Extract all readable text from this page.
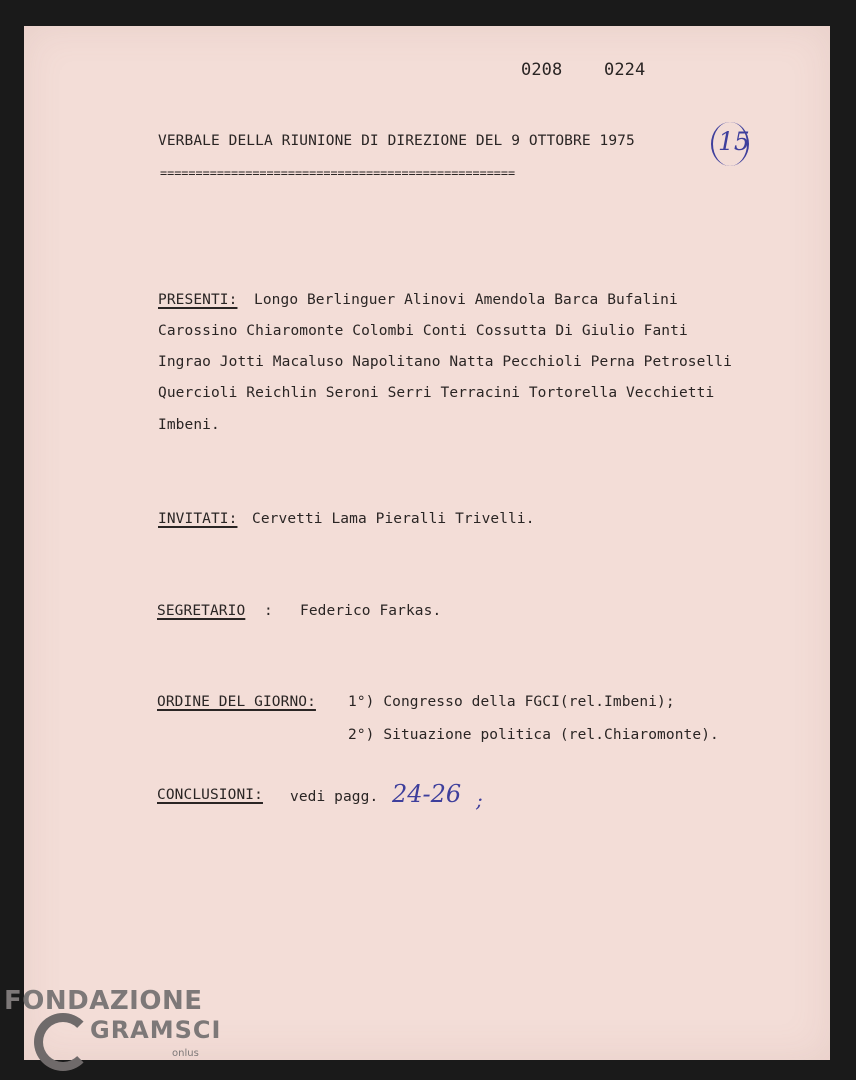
0208 0224
VERBALE DELLA RIUNIONE DI DIREZIONE DEL 9 OTTOBRE 1975
==================================================
15
PRESENTI: Longo Berlinguer Alinovi Amendola Barca Bufalini
Carossino Chiaromonte Colombi Conti Cossutta Di Giulio Fanti
Ingrao Jotti Macaluso Napolitano Natta Pecchioli Perna Petroselli
Quercioli Reichlin Seroni Serri Terracini Tortorella Vecchietti
Imbeni.
INVITATI: Cervetti Lama Pieralli Trivelli.
SEGRETARIO : Federico Farkas.
ORDINE DEL GIORNO: 1°) Congresso della FGCI(rel.Imbeni);
2°) Situazione politica (rel.Chiaromonte).
CONCLUSIONI: vedi pagg. 24-26 ;
FONDAZIONE
GRAMSCI
onlus
